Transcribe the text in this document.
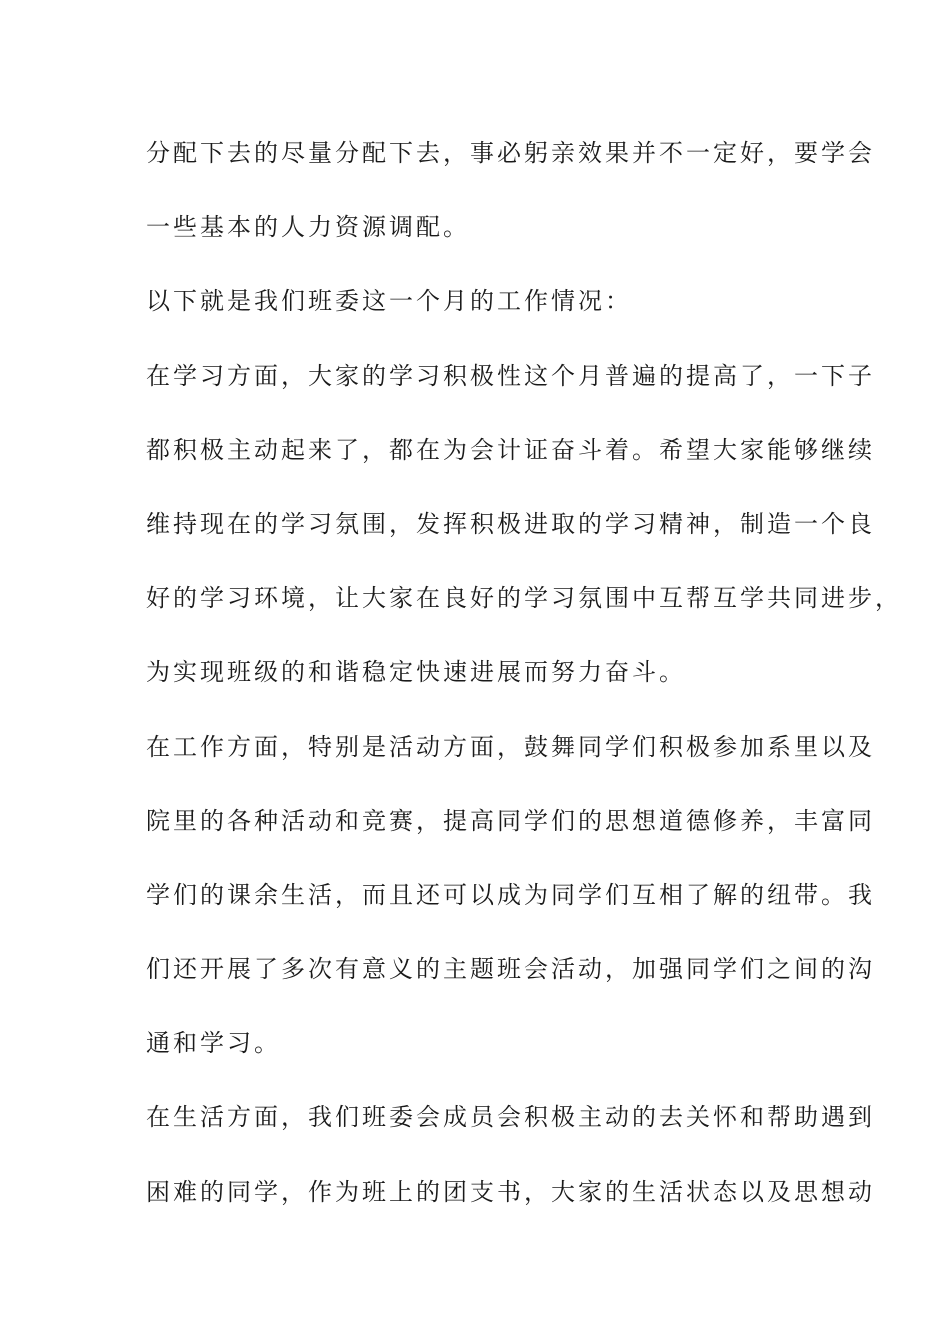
分配下去的尽量分配下去，事必躬亲效果并不一定好，要学会
一些基本的人力资源调配。
以下就是我们班委这一个月的工作情况：
在学习方面，大家的学习积极性这个月普遍的提高了，一下子
都积极主动起来了，都在为会计证奋斗着。希望大家能够继续
维持现在的学习氛围，发挥积极进取的学习精神，制造一个良
好的学习环境，让大家在良好的学习氛围中互帮互学共同进步，
为实现班级的和谐稳定快速进展而努力奋斗。
在工作方面，特别是活动方面，鼓舞同学们积极参加系里以及
院里的各种活动和竞赛，提高同学们的思想道德修养，丰富同
学们的课余生活，而且还可以成为同学们互相了解的纽带。我
们还开展了多次有意义的主题班会活动，加强同学们之间的沟
通和学习。
在生活方面，我们班委会成员会积极主动的去关怀和帮助遇到
困难的同学，作为班上的团支书，大家的生活状态以及思想动
